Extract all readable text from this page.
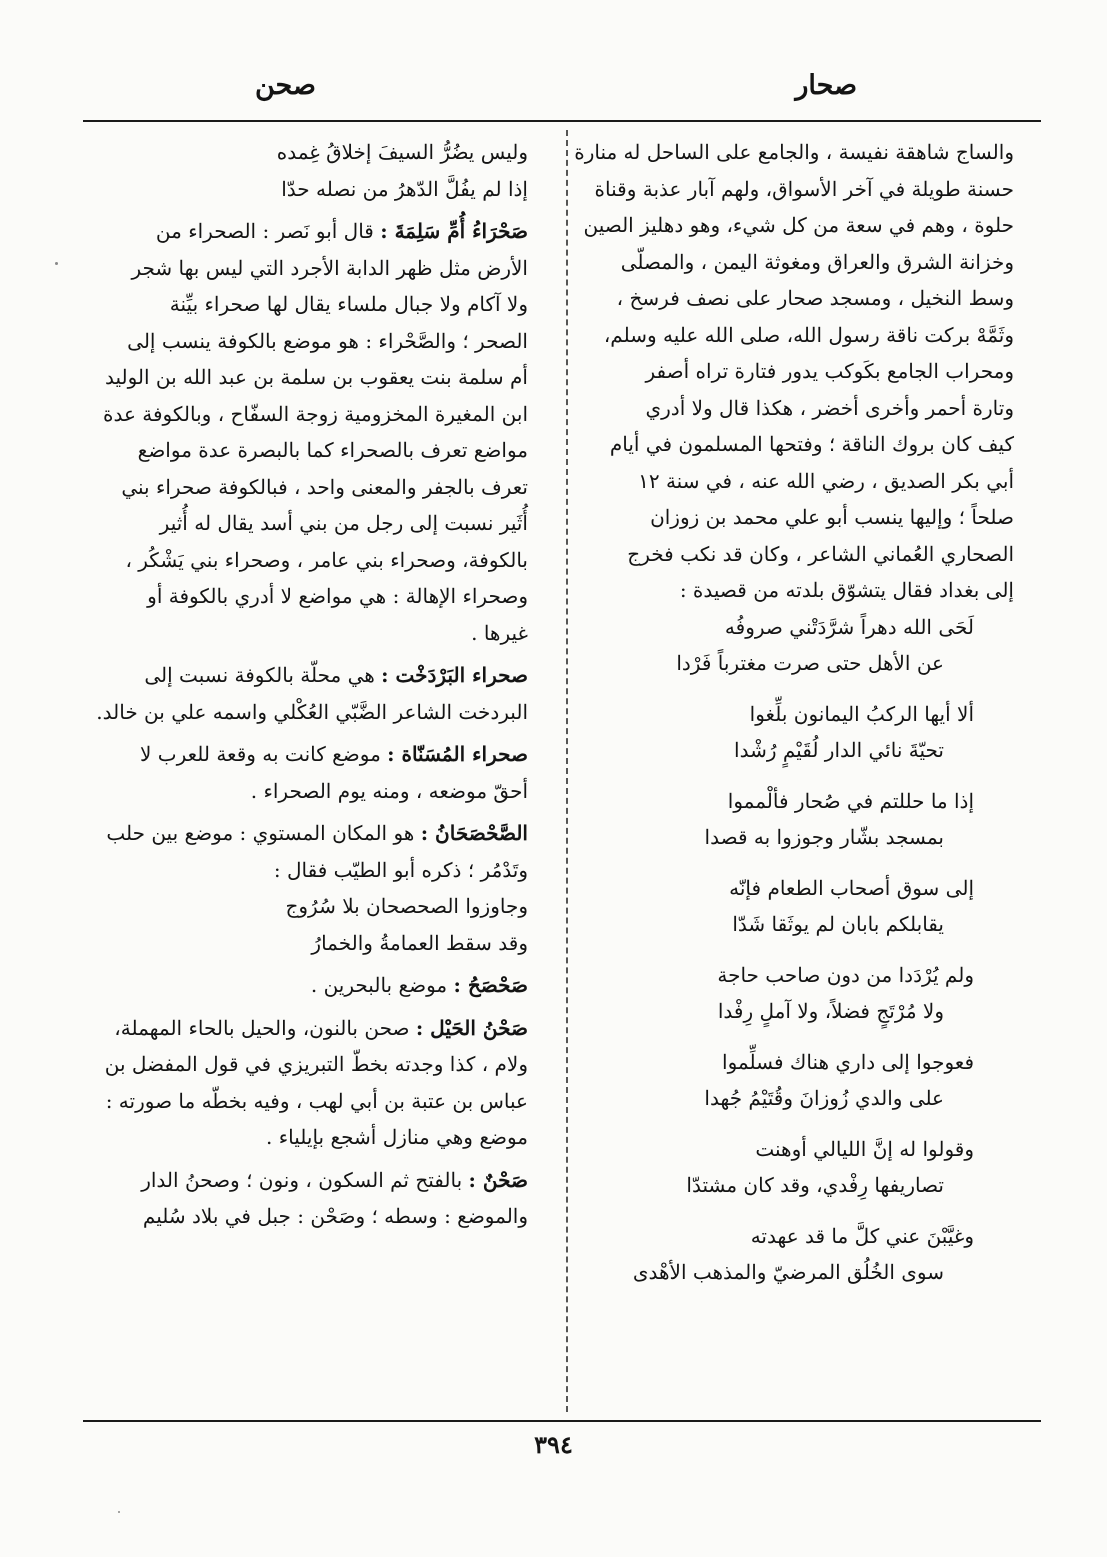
صحار
صحن

والساج شاهقة نفيسة ، والجامع على الساحل له منارة

حسنة طويلة في آخر الأسواق، ولهم آبار عذبة وقناة

حلوة ، وهم في سعة من كل شيء، وهو دهليز الصين

وخزانة الشرق والعراق ومغوثة اليمن ، والمصلّى

وسط النخيل ، ومسجد صحار على نصف فرسخ ،

وثَمَّهْ بركت ناقة رسول الله، صلى الله عليه وسلم،

ومحراب الجامع بكَوكب يدور فتارة تراه أصفر

وتارة أحمر وأخرى أخضر ، هكذا قال ولا أدري

كيف كان بروك الناقة ؛ وفتحها المسلمون في أيام

أبي بكر الصديق ، رضي الله عنه ، في سنة ١٢

صلحاً ؛ وإليها ينسب أبو علي محمد بن زوزان

الصحاري العُماني الشاعر ، وكان قد نكب فخرج

إلى بغداد فقال يتشوّق بلدته من قصيدة :

لَحَى الله دهراً شرَّدَتْني صروفُه

عن الأهل حتى صرت مغترباً فَرْدا

ألا أيها الركبُ اليمانون بلِّغوا

تحيّةَ نائي الدار لُقَيْمٍ رُشْدا

إذا ما حللتم في صُحار فألْمموا

بمسجد بشّار وجوزوا به قصدا

إلى سوق أصحاب الطعام فإنّه

يقابلكم بابان لم يوثَقا شَدّا

ولم يُرْدَدا من دون صاحب حاجة

ولا مُرْتَجٍ فضلاً، ولا آملٍ رِفْدا

فعوجوا إلى داري هناك فسلِّموا

على والدي زُوزانَ وقُتَيْمُ جُهدا

وقولوا له إنَّ الليالي أوهنت

تصاريفها رِفْدي، وقد كان مشتدّا

وغيَّبْنَ عني كلَّ ما قد عهدته

سوى الخُلُق المرضيّ والمذهب الأهْدى

وليس يضُرُّ السيفَ إخلاقُ غِمده

إذا لم يفُلَّ الدّهرُ من نصله حدّا

صَحْرَاءُ أُمِّ سَلِمَةَ : قال أبو نَصر : الصحراء من

الأرض مثل ظهر الدابة الأجرد التي ليس بها شجر

ولا آكام ولا جبال ملساء يقال لها صحراء بيِّنة

الصحر ؛ والصَّحْراء : هو موضع بالكوفة ينسب إلى

أم سلمة بنت يعقوب بن سلمة بن عبد الله بن الوليد

ابن المغيرة المخزومية زوجة السفّاح ، وبالكوفة عدة

مواضع تعرف بالصحراء كما بالبصرة عدة مواضع

تعرف بالجفر والمعنى واحد ، فبالكوفة صحراء بني

أُثَير نسبت إلى رجل من بني أسد يقال له أُثير

بالكوفة، وصحراء بني عامر ، وصحراء بني يَشْكُر ،

وصحراء الإهالة : هي مواضع لا أدري بالكوفة أو

غيرها .

صحراء البَرْدَخْت : هي محلّة بالكوفة نسبت إلى

البردخت الشاعر الضَّبّي العُكْلي واسمه علي بن خالد.

صحراء المُسَنّاة : موضع كانت به وقعة للعرب لا

أحقّ موضعه ، ومنه يوم الصحراء .

الصَّحْصَحَانُ : هو المكان المستوي : موضع بين حلب

وتَدْمُر ؛ ذكره أبو الطيّب فقال :

وجاوزوا الصحصحان بلا سُرُوج

وقد سقط العمامةُ والخمارُ

صَحْصَحُ : موضع بالبحرين .

صَحْنُ الحَيْل : صحن بالنون، والحيل بالحاء المهملة،

ولام ، كذا وجدته بخطّ التبريزي في قول المفضل بن

عباس بن عتبة بن أبي لهب ، وفيه بخطّه ما صورته :

موضع وهي منازل أشجع بإيلياء .

صَحْنٌ : بالفتح ثم السكون ، ونون ؛ وصحنُ الدار

والموضع : وسطه ؛ وصَحْن : جبل في بلاد سُليم

٣٩٤
